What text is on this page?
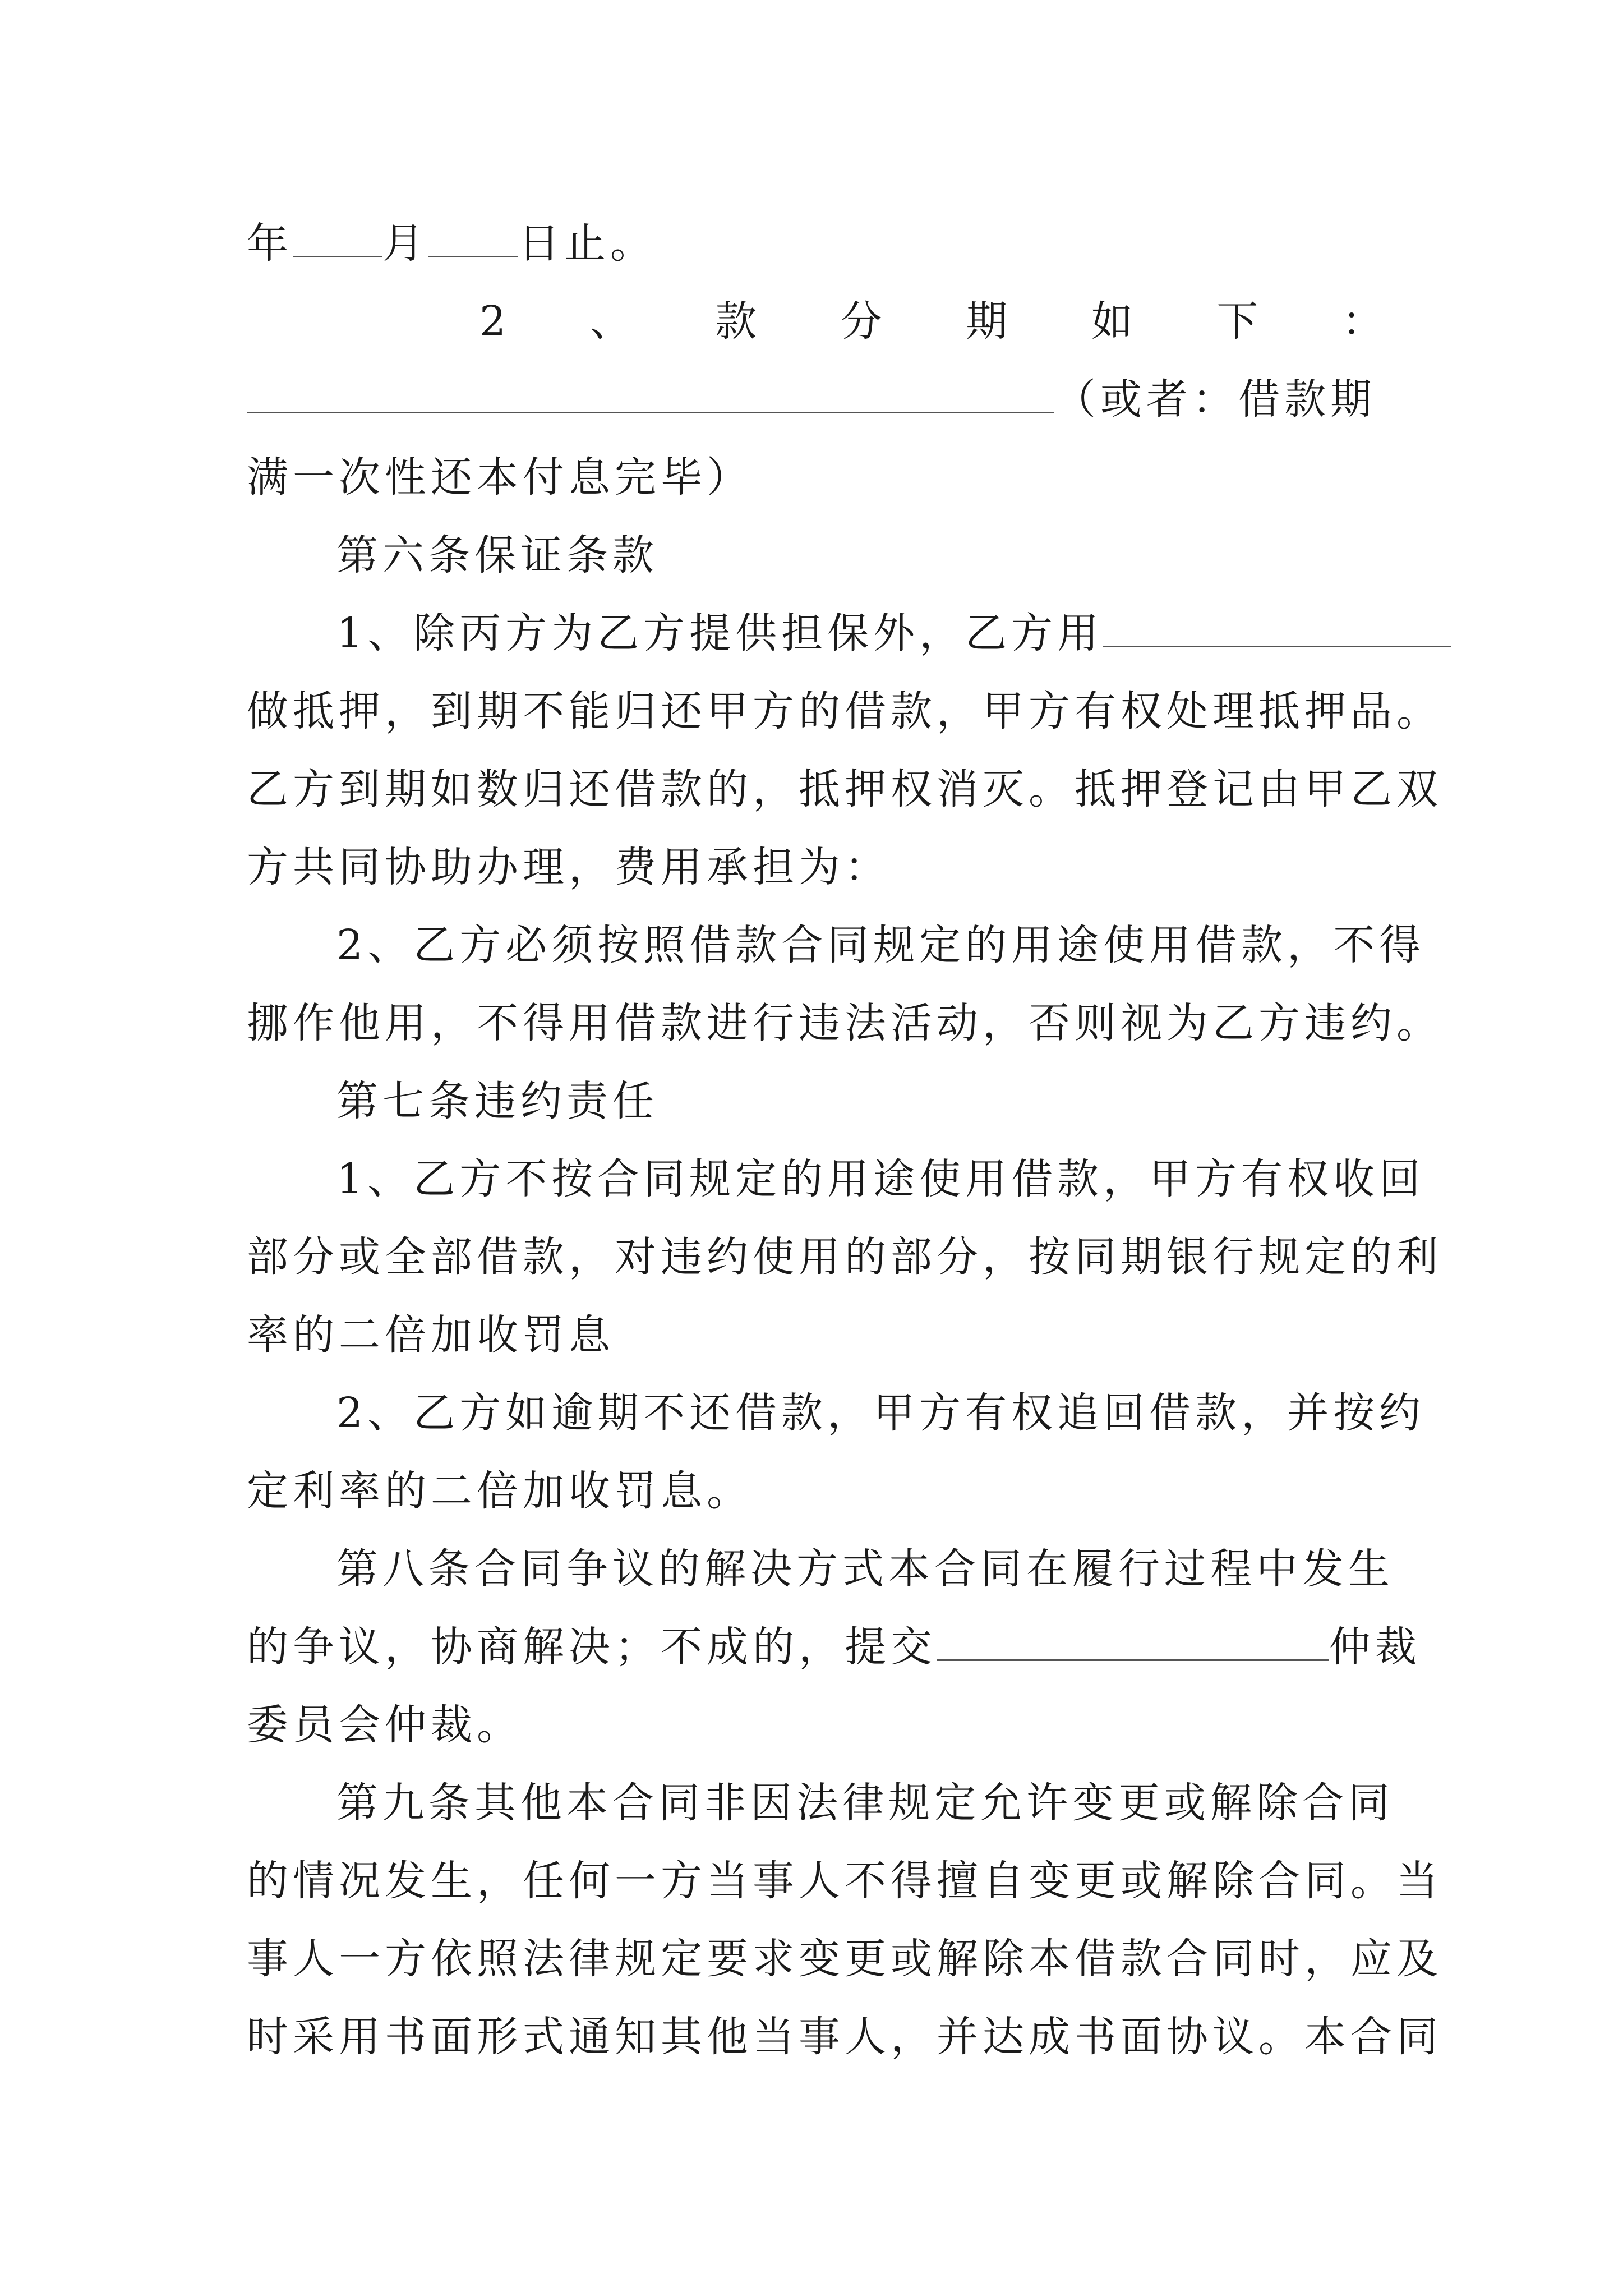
年 月 日止。
2 、 款 分 期 如 下 ：
（或者：借款期
满一次性还本付息完毕）
第六条保证条款
1、除丙方为乙方提供担保外，乙方用
做抵押，到期不能归还甲方的借款，甲方有权处理抵押品。
乙方到期如数归还借款的，抵押权消灭。抵押登记由甲乙双
方共同协助办理，费用承担为：
2、乙方必须按照借款合同规定的用途使用借款，不得
挪作他用，不得用借款进行违法活动，否则视为乙方违约。
第七条违约责任
1、乙方不按合同规定的用途使用借款，甲方有权收回
部分或全部借款，对违约使用的部分，按同期银行规定的利
率的二倍加收罚息
2、乙方如逾期不还借款，甲方有权追回借款，并按约
定利率的二倍加收罚息。
第八条合同争议的解决方式本合同在履行过程中发生
的争议，协商解决；不成的，提交	仲裁
委员会仲裁。
第九条其他本合同非因法律规定允许变更或解除合同
的情况发生，任何一方当事人不得擅自变更或解除合同。当
事人一方依照法律规定要求变更或解除本借款合同时，应及
时采用书面形式通知其他当事人，并达成书面协议。本合同
